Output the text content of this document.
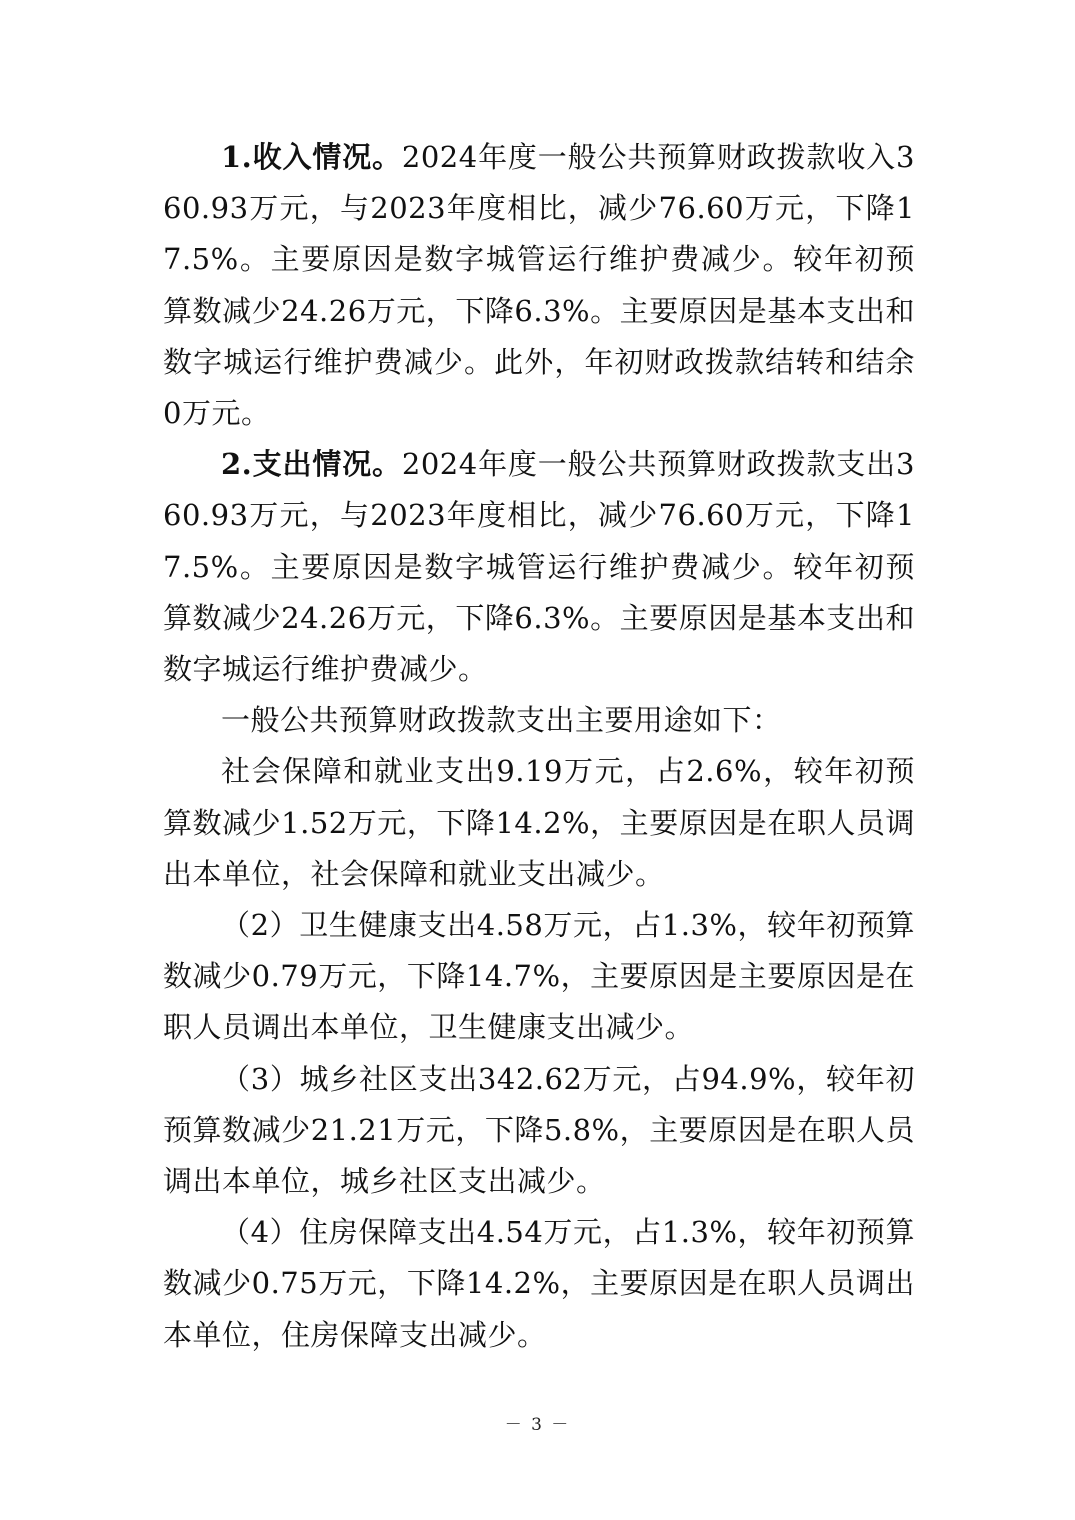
1.收入情况。2024年度一般公共预算财政拨款收入360.93万元，与2023年度相比，减少76.60万元，下降17.5%。主要原因是数字城管运行维护费减少。较年初预算数减少24.26万元，下降6.3%。主要原因是基本支出和数字城运行维护费减少。此外，年初财政拨款结转和结余0万元。

2.支出情况。2024年度一般公共预算财政拨款支出360.93万元，与2023年度相比，减少76.60万元，下降17.5%。主要原因是数字城管运行维护费减少。较年初预算数减少24.26万元，下降6.3%。主要原因是基本支出和数字城运行维护费减少。

一般公共预算财政拨款支出主要用途如下：

社会保障和就业支出9.19万元，占2.6%，较年初预算数减少1.52万元，下降14.2%，主要原因是在职人员调出本单位，社会保障和就业支出减少。

（2）卫生健康支出4.58万元，占1.3%，较年初预算数减少0.79万元，下降14.7%，主要原因是主要原因是在职人员调出本单位，卫生健康支出减少。

（3）城乡社区支出342.62万元，占94.9%，较年初预算数减少21.21万元，下降5.8%，主要原因是在职人员调出本单位，城乡社区支出减少。

（4）住房保障支出4.54万元，占1.3%，较年初预算数减少0.75万元，下降14.2%，主要原因是在职人员调出本单位，住房保障支出减少。

－ 3 －
